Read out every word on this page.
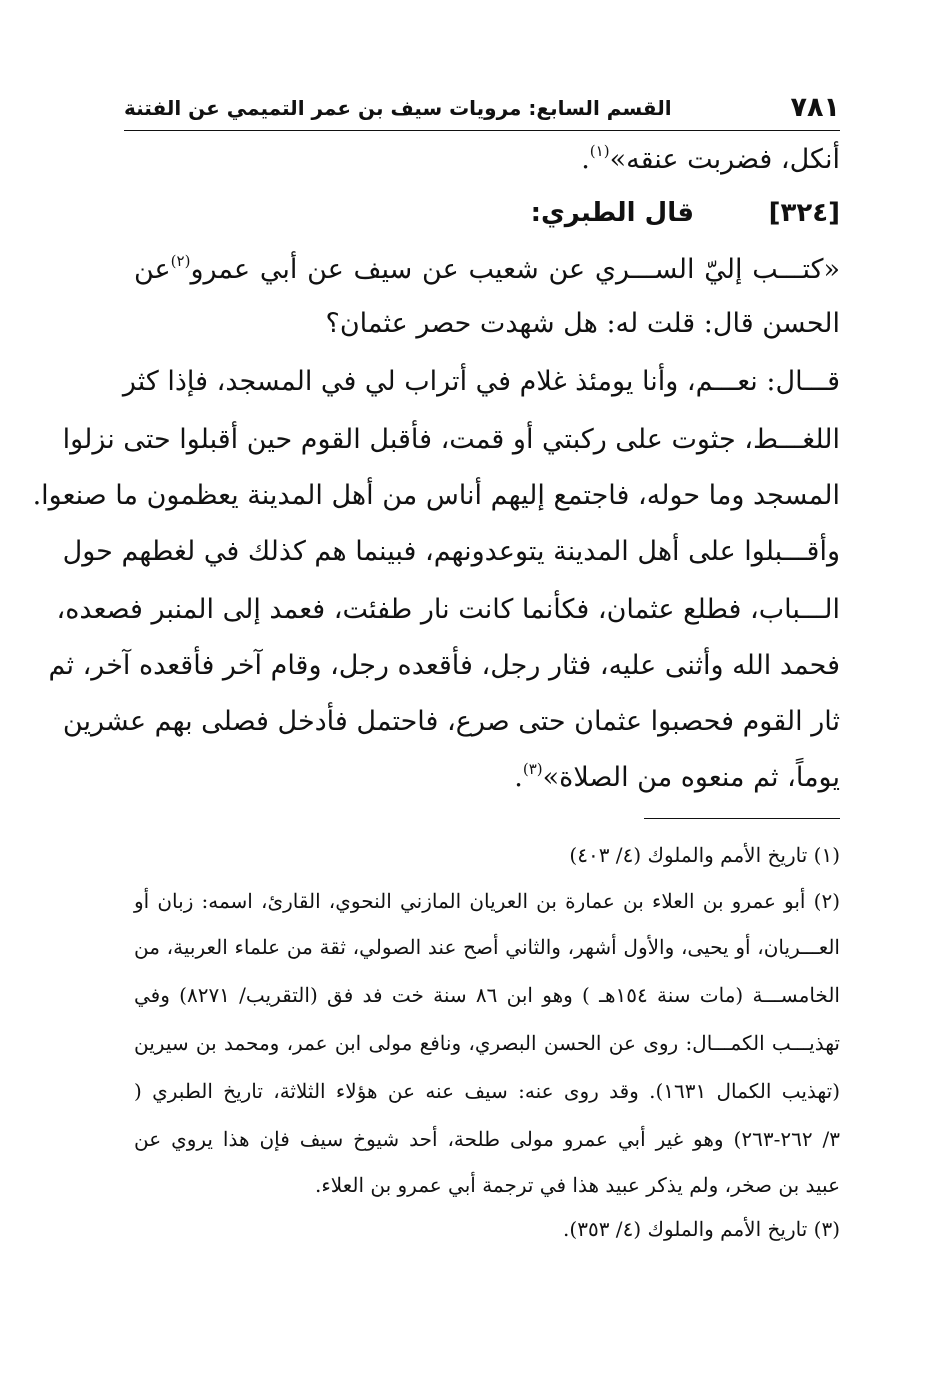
٧٨١
القسم السابع: مرويات سيف بن عمر التميمي عن الفتنة
أنكل، فضربت عنقه»$^{(١)}$.
[٣٢٤]
قال الطبري:
«كتـــب إليّ الســـري عن شعيب عن سيف عن أبي عمرو$^{(٢)}$عن
الحسن قال: قلت له: هل شهدت حصر عثمان؟
قـــال: نعـــم، وأنا يومئذ غلام في أتراب لي في المسجد، فإذا كثر
اللغـــط، جثوت على ركبتي أو قمت، فأقبل القوم حين أقبلوا حتى نزلوا
المسجد وما حوله، فاجتمع إليهم أناس من أهل المدينة يعظمون ما صنعوا.
وأقـــبلوا على أهل المدينة يتوعدونهم، فبينما هم كذلك في لغطهم حول
الـــباب، فطلع عثمان، فكأنما كانت نار طفئت، فعمد إلى المنبر فصعده،
فحمد الله وأثنى عليه، فثار رجل، فأقعده رجل، وقام آخر فأقعده آخر، ثم
ثار القوم فحصبوا عثمان حتى صرع، فاحتمل فأدخل فصلى بهم عشرين
يوماً، ثم منعوه من الصلاة»$^{(٣)}$.
(١) تاريخ الأمم والملوك (٤/ ٤٠٣)
(٢) أبو عمرو بن العلاء بن عمارة بن العريان المازني النحوي، القارئ، اسمه: زبان أو
العـــريان، أو يحيى، والأول أشهر، والثاني أصح عند الصولي، ثقة من علماء العربية، من
الخامســـة (مات سنة ١٥٤هـ ) وهو ابن ٨٦ سنة خت فد فق (التقريب/ ٨٢٧١) وفي
تهذيـــب الكمـــال: روى عن الحسن البصري، ونافع مولى ابن عمر، ومحمد بن سيرين
(تهذيب الكمال ١٦٣١). وقد روى عنه: سيف عنه عن هؤلاء الثلاثة، تاريخ الطبري (
٣/ ٢٦٢-٢٦٣) وهو غير أبي عمرو مولى طلحة، أحد شيوخ سيف فإن هذا يروي عن
عبيد بن صخر، ولم يذكر عبيد هذا في ترجمة أبي عمرو بن العلاء.
(٣) تاريخ الأمم والملوك (٤/ ٣٥٣).
